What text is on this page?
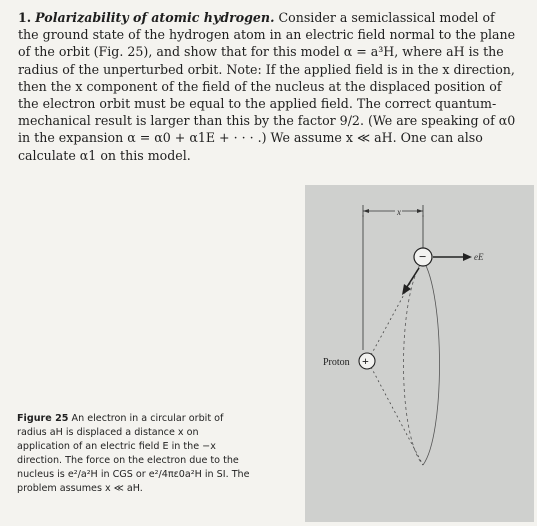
1. Polarizability of atomic hydrogen. Consider a semiclassical model of the ground state of the hydrogen atom in an electric field normal to the plane of the orbit (Fig. 25), and show that for this model α = a³H, where aH is the radius of the unperturbed orbit. Note: If the applied field is in the x direction, then the x component of the field of the nucleus at the displaced position of the electron orbit must be equal to the applied field. The correct quantum-mechanical result is larger than this by the factor 9/2. (We are speaking of α0 in the expansion α = α0 + α1E + · · · .) We assume x ≪ aH. One can also calculate α1 on this model.

x
−	eE
Proton +
Figure 25 An electron in a circular orbit of radius aH is displaced a distance x on application of an electric field E in the −x direction. The force on the electron due to the nucleus is e²/a²H in CGS or e²/4πε0a²H in SI. The problem assumes x ≪ aH.
